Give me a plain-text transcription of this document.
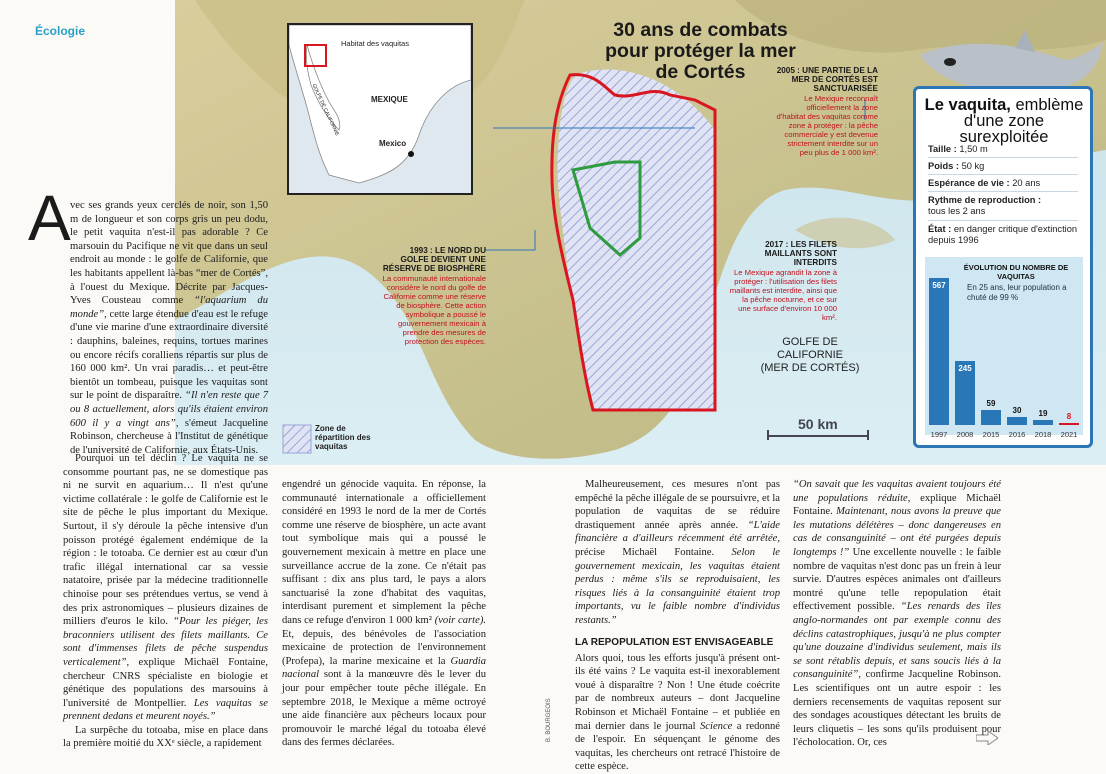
Habitat des vaquitas
MEXIQUE
Mexico
GOLFE DE CALIFORNIE
Écologie	30 ans de combats pour protéger la mer de Cortés	2005 : UNE PARTIE DE LA MER DE CORTÉS EST SANCTUARISÉE
Le Mexique reconnaît officiellement la zone d'habitat des vaquitas comme zone à protéger : la pêche commerciale y est devenue strictement interdite sur un peu plus de 1 000 km².
1993 : LE NORD DU GOLFE DEVIENT UNE RÉSERVE DE BIOSPHÈRE
La communauté internationale considère le nord du golfe de Californie comme une réserve de biosphère. Cette action symbolique a poussé le gouvernement mexicain à prendre des mesures de protection des espèces.
2017 : LES FILETS MAILLANTS SONT INTERDITS
Le Mexique agrandit la zone à protéger : l'utilisation des filets maillants est interdite, ainsi que la pêche nocturne, et ce sur une surface d'environ 10 000 km².
GOLFE DE
CALIFORNIE
(MER DE CORTÉS)
50 km
Zone de répartition des vaquitas
Le vaquita, emblème d'une zone surexploitée
Taille : 1,50 m
Poids : 50 kg
Espérance de vie : 20 ans
Rythme de reproduction :
tous les 2 ans
État : en danger critique d'extinction depuis 1996
ÉVOLUTION DU NOMBRE DE VAQUITAS
En 25 ans, leur population a chuté de 99 %
567
1997
245
2008
59
2015
30
2016
19
2018
8
2021
A vec ses grands yeux cerclés de noir, son 1,50 m de longueur et son corps gris un peu dodu, le petit vaquita n'est-il pas adorable ? Ce marsouin du Pacifique ne vit que dans un seul endroit au monde : le golfe de Californie, que les habitants appellent là-bas “mer de Cortés”, à l'ouest du Mexique. Décrite par Jacques-Yves Cousteau comme “l'aquarium du monde”, cette large étendue d'eau est le refuge d'une vie marine d'une extraordinaire diversité : dauphins, baleines, requins, tortues marines ou encore récifs coralliens répartis sur plus de 160 000 km². Un vrai paradis… et peut-être bientôt un tombeau, puisque les vaquitas sont sur le point de disparaître. “Il n'en reste que 7 ou 8 actuellement, alors qu'ils étaient environ 600 il y a vingt ans”, s'émeut Jacqueline Robinson, chercheuse à l'Institut de génétique de l'université de Californie, aux États-Unis.

Pourquoi un tel déclin ? Le vaquita ne se consomme pourtant pas, ne se domestique pas ni ne survit en aquarium… Il n'est qu'une victime collatérale : le golfe de Californie est le site de pêche le plus important du Mexique. Surtout, il s'y déroule la pêche intensive d'un poisson protégé également endémique de la région : le totoaba. Ce dernier est au cœur d'un trafic illégal international car sa vessie natatoire, prisée par la médecine traditionnelle chinoise pour ses prétendues vertus, se vend à des prix astronomiques – plusieurs dizaines de milliers d'euros le kilo. “Pour les piéger, les braconniers utilisent des filets maillants. Ce sont d'immenses filets de pêche suspendus verticalement”, explique Michaël Fontaine, chercheur CNRS spécialiste en biologie et génétique des populations des marsouins à l'université de Montpellier. Les vaquitas se prennent dedans et meurent noyés.”

La surpêche du totoaba, mise en place dans la première moitié du XXᵉ siècle, a rapidement

engendré un génocide vaquita. En réponse, la communauté internationale a officiellement considéré en 1993 le nord de la mer de Cortés comme une réserve de biosphère, un acte avant tout symbolique mais qui a poussé le gouvernement mexicain à mettre en place une surveillance accrue de la zone. Ce n'était pas suffisant : dix ans plus tard, le pays a alors sanctuarisé la zone d'habitat des vaquitas, interdisant purement et simplement la pêche dans ce refuge d'environ 1 000 km² (voir carte). Et, depuis, des bénévoles de l'association mexicaine de protection de l'environnement (Profepa), la marine mexicaine et la Guardia nacional sont à la manœuvre dès le lever du jour pour empêcher toute pêche illégale. En septembre 2018, le Mexique a même octroyé une aide financière aux pêcheurs locaux pour promouvoir le marché légal du totoaba élevé dans des fermes déclarées.

B. BOURGEOIS

Malheureusement, ces mesures n'ont pas empêché la pêche illégale de se poursuivre, et la population de vaquitas de se réduire drastiquement année après année. “L'aide financière a d'ailleurs récemment été arrêtée, précise Michaël Fontaine. Selon le gouvernement mexicain, les vaquitas étaient perdus : même s'ils se reproduisaient, les risques liés à la consanguinité étaient trop importants, vu le faible nombre d'individus restants.”

LA REPOPULATION EST ENVISAGEABLE

Alors quoi, tous les efforts jusqu'à présent ont-ils été vains ? Le vaquita est-il inexorablement voué à disparaître ? Non ! Une étude coécrite par de nombreux auteurs – dont Jacqueline Robinson et Michaël Fontaine – et publiée en mai dernier dans le journal Science a redonné de l'espoir. En séquençant le génome des vaquitas, les chercheurs ont retracé l'histoire de cette espèce.

“On savait que les vaquitas avaient toujours été une populations réduite, explique Michaël Fontaine. Maintenant, nous avons la preuve que les mutations délétères – donc dangereuses en cas de consanguinité – ont été purgées depuis longtemps !” Une excellente nouvelle : le faible nombre de vaquitas n'est donc pas un frein à leur survie. D'autres espèces animales ont d'ailleurs montré qu'une telle repopulation était effectivement possible. “Les renards des îles anglo-normandes ont par exemple connu des déclins catastrophiques, jusqu'à ne plus compter qu'une douzaine d'individus seulement, mais ils se sont rétablis depuis, et sans soucis liés à la consanguinité”, confirme Jacqueline Robinson. Les scientifiques ont un autre espoir : les derniers recensements de vaquitas reposent sur des sondages acoustiques détectant les bruits de leurs cliquetis – les sons qu'ils produisent pour l'écholocation. Or, ces
